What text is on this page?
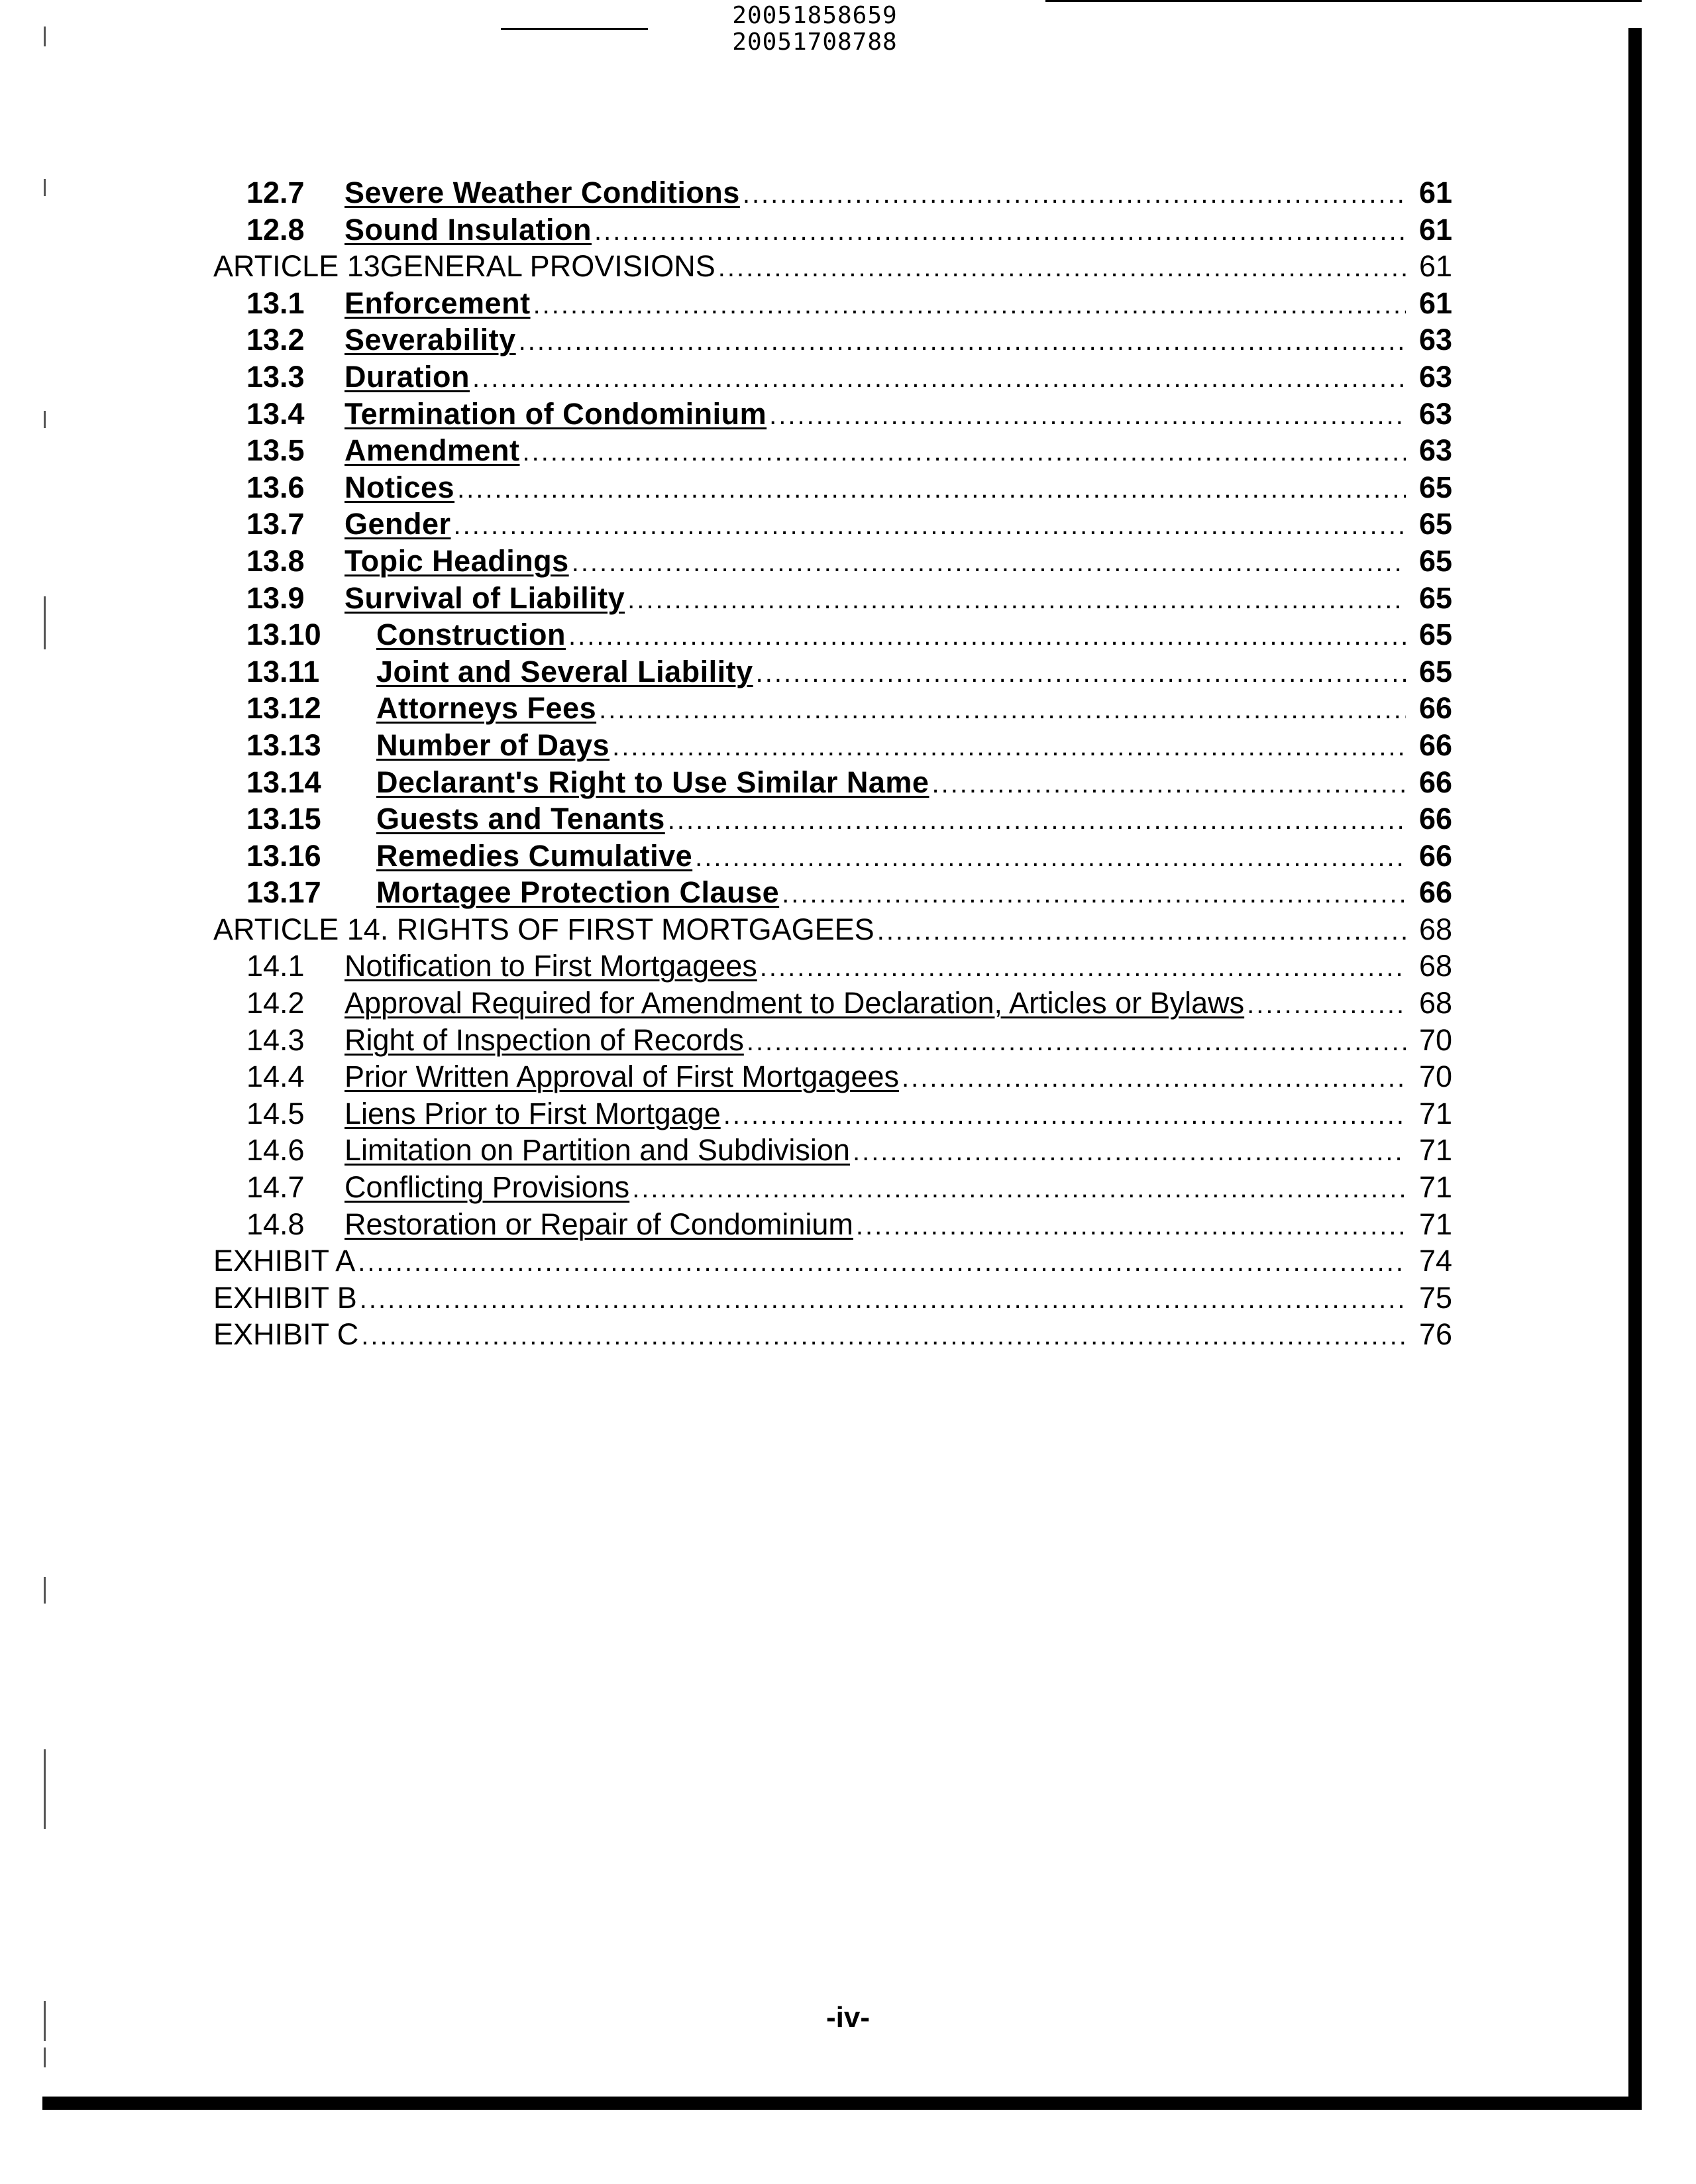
20051858659
20051708788
12.7	Severe Weather Conditions .....	61
12.8	Sound Insulation .....	61
ARTICLE 13GENERAL PROVISIONS .....	61
13.1	Enforcement .....	61
13.2	Severability .....	63
13.3	Duration .....	63
13.4	Termination of Condominium .....	63
13.5	Amendment .....	63
13.6	Notices .....	65
13.7	Gender .....	65
13.8	Topic Headings .....	65
13.9	Survival of Liability .....	65
13.10	Construction .....	65
13.11	Joint and Several Liability .....	65
13.12	Attorneys Fees .....	66
13.13	Number of Days .....	66
13.14	Declarant's Right to Use Similar Name .....	66
13.15	Guests and Tenants .....	66
13.16	Remedies Cumulative .....	66
13.17	Mortagee Protection Clause .....	66
ARTICLE 14. RIGHTS OF FIRST MORTGAGEES .....	68
14.1	Notification to First Mortgagees .....	68
14.2	Approval Required for Amendment to Declaration, Articles or Bylaws .....	68
14.3	Right of Inspection of Records .....	70
14.4	Prior Written Approval of First Mortgagees .....	70
14.5	Liens Prior to First Mortgage .....	71
14.6	Limitation on Partition and Subdivision .....	71
14.7	Conflicting Provisions .....	71
14.8	Restoration or Repair of Condominium .....	71
EXHIBIT A .....	74
EXHIBIT B .....	75
EXHIBIT C .....	76
-iv-
